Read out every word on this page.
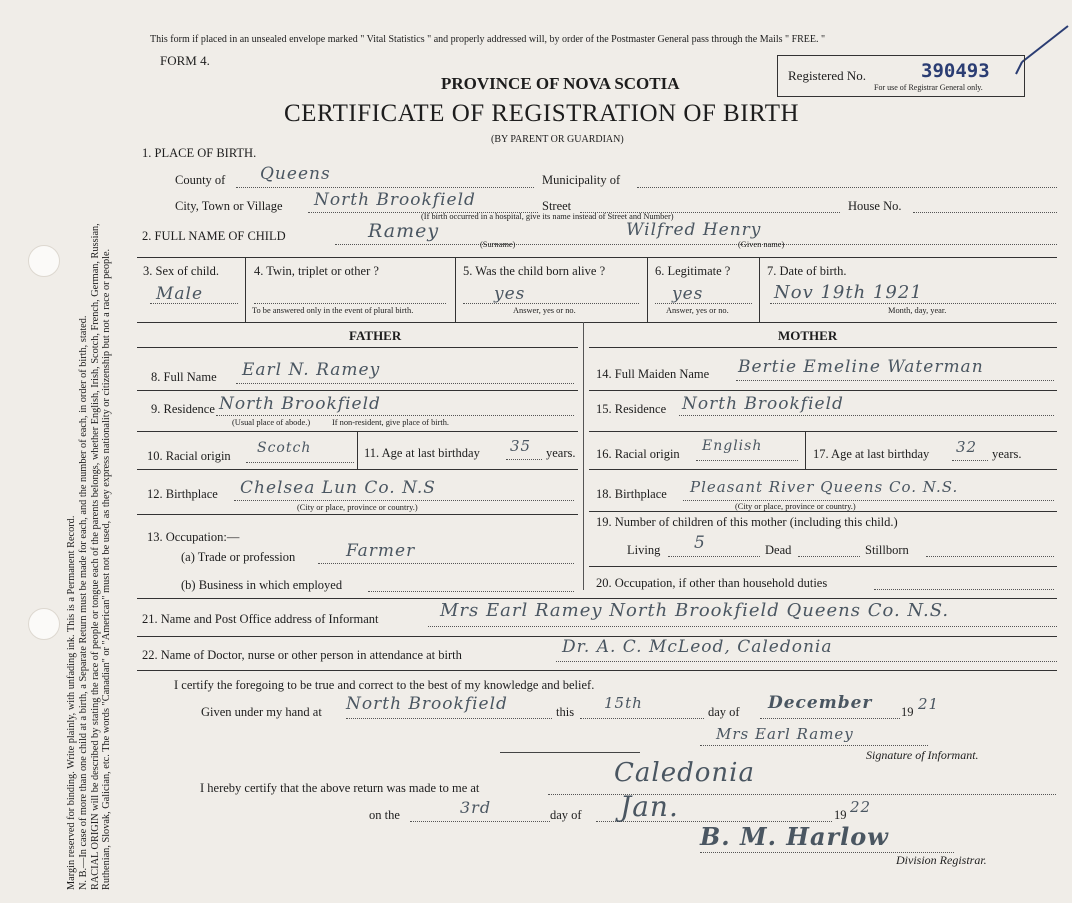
Margin reserved for binding. Write plainly, with unfading ink. This is a Permanent Record. N. B.—In case of more than one child at a birth, a Separate Return must be made for each, and the number of each, in order of birth, stated. RACIAL ORIGIN will be described by stating the race of people or tongue each of the parents belongs, whether English, Irish, Scotch, French, German, Russian, Ruthenian, Slovak, Galician, etc. The words "Canadian" or "American" must not be used, as they express nationality or citizenship but not a race or people.
This form if placed in an unsealed envelope marked " Vital Statistics " and properly addressed will, by order of the Postmaster General pass through the Mails " FREE. "
FORM 4.
PROVINCE OF NOVA SCOTIA
CERTIFICATE OF REGISTRATION OF BIRTH
(BY PARENT OR GUARDIAN)
Registered No.	390493
For use of Registrar General only.
1. PLACE OF BIRTH.
County of Queens	Municipality of
City, Town or Village North Brookfield	Street	House No.
(If birth occurred in a hospital, give its name instead of Street and Number)
2. FULL NAME OF CHILD	Ramey
(Surname)
Wilfred Henry
(Given name)
3. Sex of child.
Male
4. Twin, triplet or other ?
To be answered only in the event of plural birth.
5. Was the child born alive ?
yes
Answer, yes or no.
6. Legitimate ?
yes
Answer, yes or no.
7. Date of birth.
Nov 19th 1921
Month, day, year.
FATHER	MOTHER
8. Full Name Earl N. Ramey	14. Full Maiden Name Bertie Emeline Waterman
9. Residence North Brookfield
(Usual place of abode.)	If non-resident, give place of birth.
15. Residence North Brookfield
10. Racial origin Scotch	11. Age at last birthday 35 years. 16. Racial origin English	17. Age at last birthday 32 years.
12. Birthplace Chelsea Lun Co. N.S
(City or place, province or country.)
18. Birthplace Pleasant River Queens Co. N.S.
(City or place, province or country.)
13. Occupation:—
(a) Trade or profession	Farmer
(b) Business in which employed
19. Number of children of this mother (including this child.)
Living 5	Dead	Stillborn
20. Occupation, if other than household duties
21. Name and Post Office address of Informant	Mrs Earl Ramey North Brookfield Queens Co. N.S.
22. Name of Doctor, nurse or other person in attendance at birth	Dr. A. C. McLeod, Caledonia
I certify the foregoing to be true and correct to the best of my knowledge and belief.
Given under my hand at North Brookfield	this 15th	day of December 19 21
Mrs Earl Ramey
Signature of Informant.
I hereby certify that the above return was made to me at	Caledonia
on the	3rd	day of Jan.	19 22
B. M. Harlow
Division Registrar.
